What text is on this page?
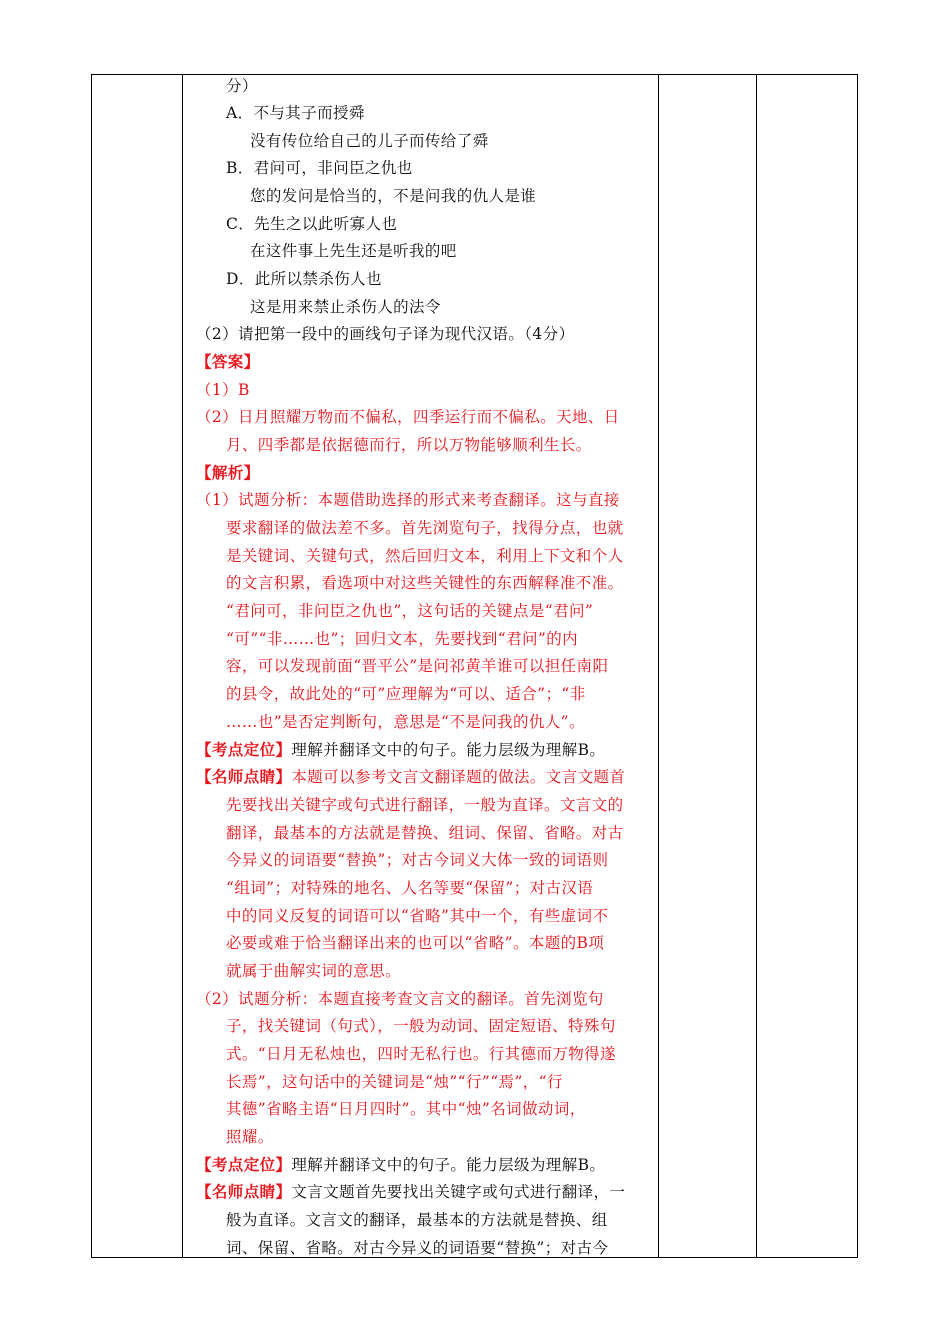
分）
A．不与其子而授舜
没有传位给自己的儿子而传给了舜
B．君问可，非问臣之仇也
您的发问是恰当的，不是问我的仇人是谁
C．先生之以此听寡人也
在这件事上先生还是听我的吧
D．此所以禁杀伤人也
这是用来禁止杀伤人的法令
（2）请把第一段中的画线句子译为现代汉语。（4分）
【答案】
（1）B
（2）日月照耀万物而不偏私，四季运行而不偏私。天地、日
月、四季都是依据德而行，所以万物能够顺利生长。
【解析】
（1）试题分析：本题借助选择的形式来考查翻译。这与直接
要求翻译的做法差不多。首先浏览句子，找得分点，也就
是关键词、关键句式，然后回归文本，利用上下文和个人
的文言积累，看选项中对这些关键性的东西解释准不准。
“君问可，非问臣之仇也”，这句话的关键点是“君问”
“可”“非……也”；回归文本，先要找到“君问”的内
容，可以发现前面“晋平公”是问祁黄羊谁可以担任南阳
的县令，故此处的“可”应理解为“可以、适合”；“非
……也”是否定判断句，意思是“不是问我的仇人”。
【考点定位】理解并翻译文中的句子。能力层级为理解B。
【名师点睛】本题可以参考文言文翻译题的做法。文言文题首
先要找出关键字或句式进行翻译，一般为直译。文言文的
翻译，最基本的方法就是替换、组词、保留、省略。对古
今异义的词语要“替换”；对古今词义大体一致的词语则
“组词”；对特殊的地名、人名等要“保留”；对古汉语
中的同义反复的词语可以“省略”其中一个，有些虚词不
必要或难于恰当翻译出来的也可以“省略”。本题的B项
就属于曲解实词的意思。
（2）试题分析：本题直接考查文言文的翻译。首先浏览句
子，找关键词（句式），一般为动词、固定短语、特殊句
式。“日月无私烛也，四时无私行也。行其德而万物得遂
长焉”，这句话中的关键词是“烛”“行”“焉”，“行
其德”省略主语“日月四时”。其中“烛”名词做动词，
照耀。
【考点定位】理解并翻译文中的句子。能力层级为理解B。
【名师点睛】文言文题首先要找出关键字或句式进行翻译，一
般为直译。文言文的翻译，最基本的方法就是替换、组
词、保留、省略。对古今异义的词语要“替换”；对古今
